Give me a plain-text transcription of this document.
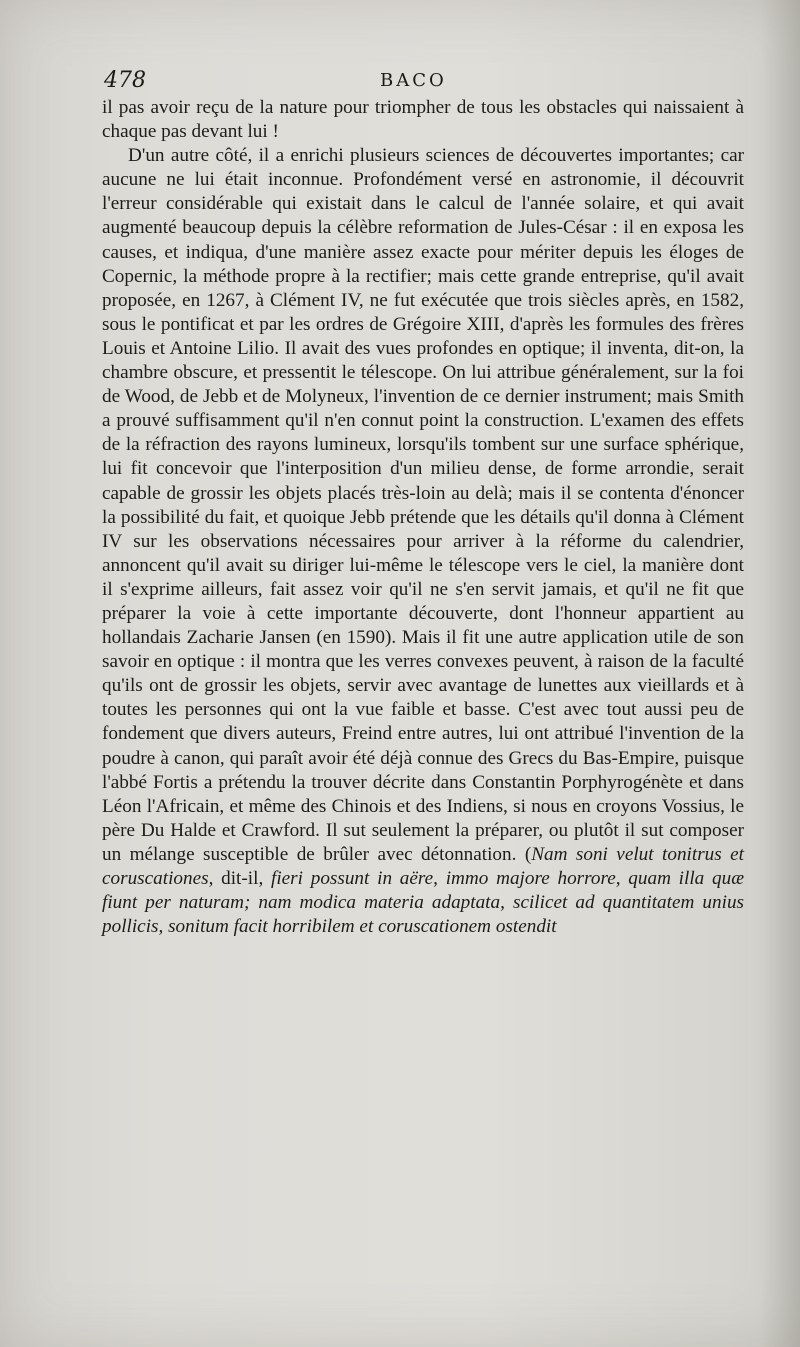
478	BACO

il pas avoir reçu de la nature pour triompher de tous les obstacles qui naissaient à chaque pas devant lui !

D'un autre côté, il a enrichi plusieurs sciences de découvertes importantes; car aucune ne lui était inconnue. Profondément versé en astronomie, il découvrit l'erreur considérable qui existait dans le calcul de l'année solaire, et qui avait augmenté beaucoup depuis la célèbre reformation de Jules-César : il en exposa les causes, et indiqua, d'une manière assez exacte pour mériter depuis les éloges de Copernic, la méthode propre à la rectifier; mais cette grande entreprise, qu'il avait proposée, en 1267, à Clément IV, ne fut exécutée que trois siècles après, en 1582, sous le pontificat et par les ordres de Grégoire XIII, d'après les formules des frères Louis et Antoine Lilio. Il avait des vues profondes en optique; il inventa, dit-on, la chambre obscure, et pressentit le télescope. On lui attribue généralement, sur la foi de Wood, de Jebb et de Molyneux, l'invention de ce dernier instrument; mais Smith a prouvé suffisamment qu'il n'en connut point la construction. L'examen des effets de la réfraction des rayons lumineux, lorsqu'ils tombent sur une surface sphérique, lui fit concevoir que l'interposition d'un milieu dense, de forme arrondie, serait capable de grossir les objets placés très-loin au delà; mais il se contenta d'énoncer la possibilité du fait, et quoique Jebb prétende que les détails qu'il donna à Clément IV sur les observations nécessaires pour arriver à la réforme du calendrier, annoncent qu'il avait su diriger lui-même le télescope vers le ciel, la manière dont il s'exprime ailleurs, fait assez voir qu'il ne s'en servit jamais, et qu'il ne fit que préparer la voie à cette importante découverte, dont l'honneur appartient au hollandais Zacharie Jansen (en 1590). Mais il fit une autre application utile de son savoir en optique : il montra que les verres convexes peuvent, à raison de la faculté qu'ils ont de grossir les objets, servir avec avantage de lunettes aux vieillards et à toutes les personnes qui ont la vue faible et basse. C'est avec tout aussi peu de fondement que divers auteurs, Freind entre autres, lui ont attribué l'invention de la poudre à canon, qui paraît avoir été déjà connue des Grecs du Bas-Empire, puisque l'abbé Fortis a prétendu la trouver décrite dans Constantin Porphyrogénète et dans Léon l'Africain, et même des Chinois et des Indiens, si nous en croyons Vossius, le père Du Halde et Crawford. Il sut seulement la préparer, ou plutôt il sut composer un mélange susceptible de brûler avec détonnation. (Nam soni velut tonitrus et coruscationes, dit-il, fieri possunt in aëre, immo majore horrore, quam illa quæ fiunt per naturam; nam modica materia adaptata, scilicet ad quantitatem unius pollicis, sonitum facit horribilem et coruscationem ostendit
